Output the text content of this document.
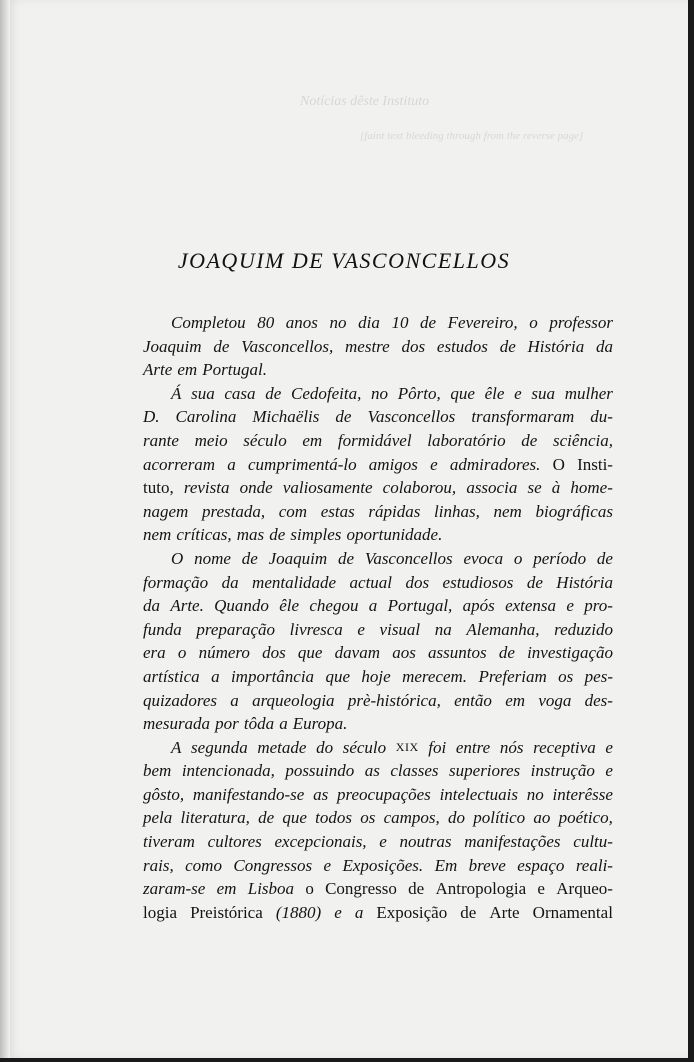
Notícias dêste Instituto
[faint text bleeding through from the reverse page]
JOAQUIM DE VASCONCELLOS
Completou 80 anos no dia 10 de Fevereiro, o professor
Joaquim de Vasconcellos, mestre dos estudos de História da
Arte em Portugal.
Á sua casa de Cedofeita, no Pôrto, que êle e sua mulher
D. Carolina Michaëlis de Vasconcellos transformaram du-
rante meio século em formidável laboratório de sciência,
acorreram a cumprimentá-lo amigos e admiradores. O Insti-
tuto, revista onde valiosamente colaborou, associa se à home-
nagem prestada, com estas rápidas linhas, nem biográficas
nem críticas, mas de simples oportunidade.
O nome de Joaquim de Vasconcellos evoca o período de
formação da mentalidade actual dos estudiosos de História
da Arte. Quando êle chegou a Portugal, após extensa e pro-
funda preparação livresca e visual na Alemanha, reduzido
era o número dos que davam aos assuntos de investigação
artística a importância que hoje merecem. Preferiam os pes-
quizadores a arqueologia prè-histórica, então em voga des-
mesurada por tôda a Europa.
A segunda metade do século XIX foi entre nós receptiva e
bem intencionada, possuindo as classes superiores instrução e
gôsto, manifestando-se as preocupações intelectuais no interêsse
pela literatura, de que todos os campos, do político ao poético,
tiveram cultores excepcionais, e noutras manifestações cultu-
rais, como Congressos e Exposições. Em breve espaço reali-
zaram-se em Lisboa o Congresso de Antropologia e Arqueo-
logia Preistórica (1880) e a Exposição de Arte Ornamental
